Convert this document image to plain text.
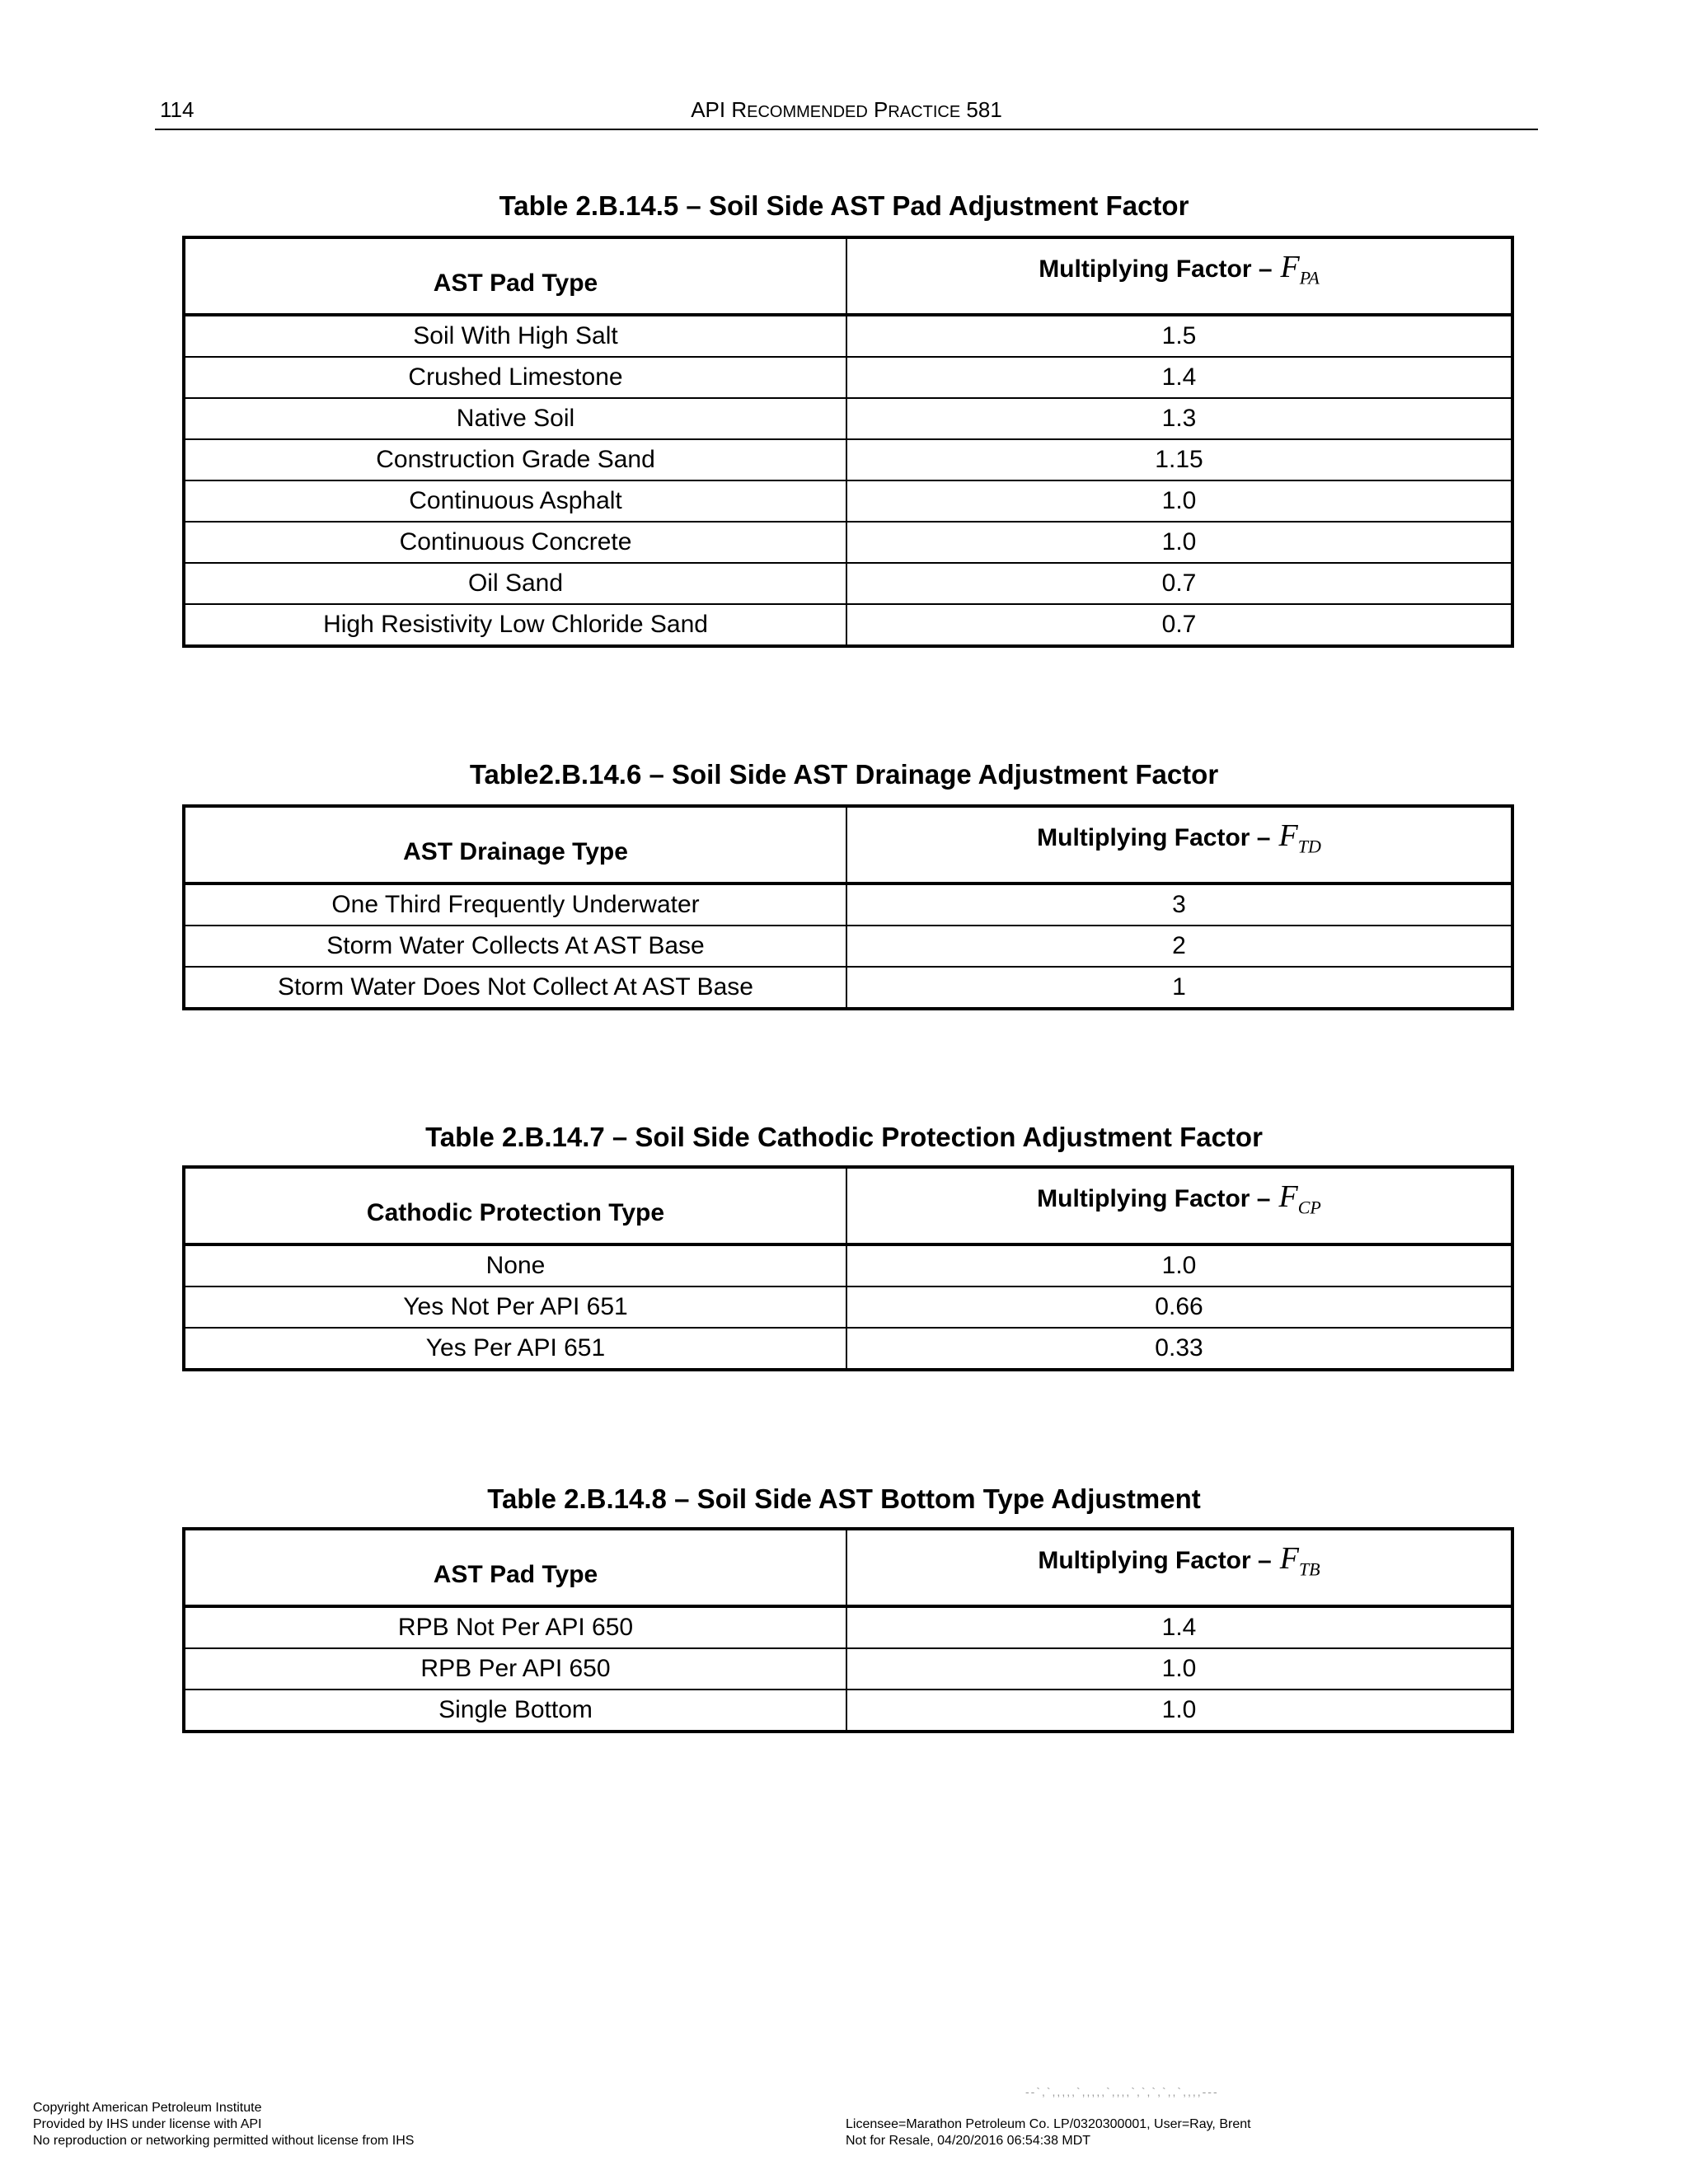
114	API RECOMMENDED PRACTICE 581
Table 2.B.14.5 – Soil Side AST Pad Adjustment Factor
AST Pad Type	Multiplying Factor – $F_{PA}$
Soil With High Salt	1.5
Crushed Limestone	1.4
Native Soil	1.3
Construction Grade Sand	1.15
Continuous Asphalt	1.0
Continuous Concrete	1.0
Oil Sand	0.7
High Resistivity Low Chloride Sand	0.7
Table2.B.14.6 – Soil Side AST Drainage Adjustment Factor
AST Drainage Type	Multiplying Factor – $F_{TD}$
One Third Frequently Underwater	3
Storm Water Collects At AST Base	2
Storm Water Does Not Collect At AST Base	1
Table 2.B.14.7 – Soil Side Cathodic Protection Adjustment Factor
Cathodic Protection Type	Multiplying Factor – $F_{CP}$
None	1.0
Yes Not Per API 651	0.66
Yes Per API 651	0.33
Table 2.B.14.8 – Soil Side AST Bottom Type Adjustment
AST Pad Type	Multiplying Factor – $F_{TB}$
RPB Not Per API 650	1.4
RPB Per API 650	1.0
Single Bottom	1.0
--`,`,,,,,`,,,,,`,,,,`,`,`,`,,`,,,,---
Copyright American Petroleum Institute
Provided by IHS under license with API
No reproduction or networking permitted without license from IHS
Licensee=Marathon Petroleum Co. LP/0320300001, User=Ray, Brent
Not for Resale, 04/20/2016 06:54:38 MDT
